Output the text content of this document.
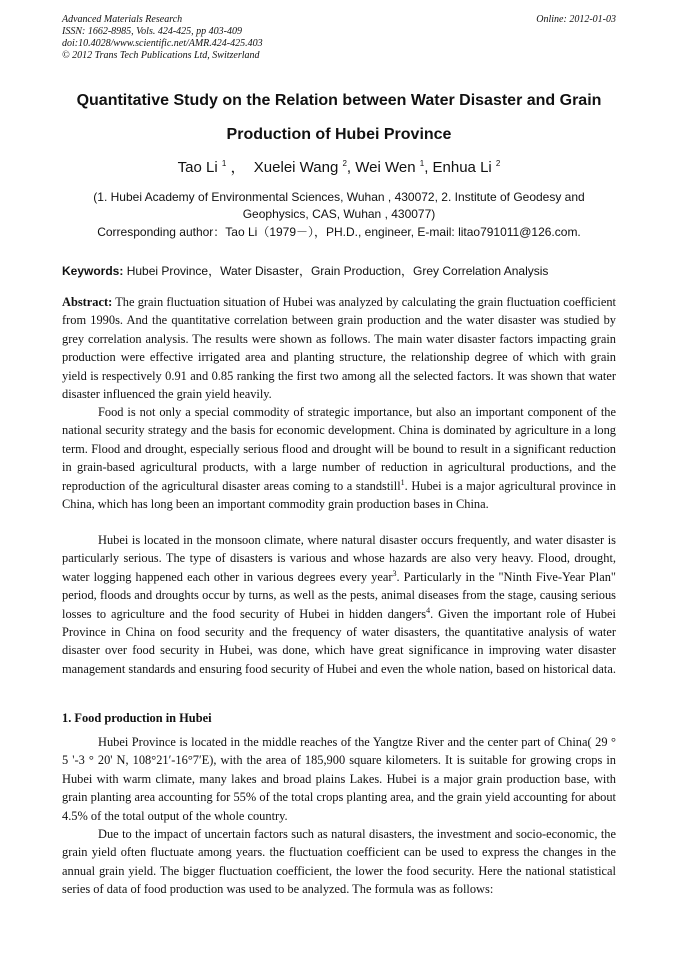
Advanced Materials Research
ISSN: 1662-8985, Vols. 424-425, pp 403-409
doi:10.4028/www.scientific.net/AMR.424-425.403
© 2012 Trans Tech Publications Ltd, Switzerland
Online: 2012-01-03
Quantitative Study on the Relation between Water Disaster and Grain
Production of Hubei Province
Tao Li $^1$ ， Xuelei Wang $^2$, Wei Wen $^1$, Enhua Li $^2$
(1. Hubei Academy of Environmental Sciences, Wuhan , 430072, 2. Institute of Geodesy and
Geophysics, CAS, Wuhan , 430077)
Corresponding author：Tao Li（1979－），PH.D., engineer, E-mail: litao791011@126.com.
Keywords: Hubei Province，Water Disaster，Grain Production，Grey Correlation Analysis

Abstract: The grain fluctuation situation of Hubei was analyzed by calculating the grain fluctuation coefficient from 1990s. And the quantitative correlation between grain production and the water disaster was studied by grey correlation analysis. The results were shown as follows. The main water disaster factors impacting grain production were effective irrigated area and planting structure, the relationship degree of which with grain yield is respectively 0.91 and 0.85 ranking the first two among all the selected factors. It was shown that water disaster influenced the grain yield heavily.

Food is not only a special commodity of strategic importance, but also an important component of the national security strategy and the basis for economic development. China is dominated by agriculture in a long term. Flood and drought, especially serious flood and drought will be bound to result in a significant reduction in grain-based agricultural products, with a large number of reduction in agricultural productions, and the reproduction of the agricultural disaster areas coming to a standstill$^1$. Hubei is a major agricultural province in China, which has long been an important commodity grain production bases in China.

Hubei is located in the monsoon climate, where natural disaster occurs frequently, and water disaster is particularly serious. The type of disasters is various and whose hazards are also very heavy. Flood, drought, water logging happened each other in various degrees every year$^3$. Particularly in the "Ninth Five-Year Plan" period, floods and droughts occur by turns, as well as the pests, animal diseases from the stage, causing serious losses to agriculture and the food security of Hubei in hidden dangers$^4$. Given the important role of Hubei Province in China on food security and the frequency of water disasters, the quantitative analysis of water disaster over food security in Hubei, was done, which have great significance in improving water disaster management standards and ensuring food security of Hubei and even the whole nation, based on historical data.

1. Food production in Hubei

Hubei Province is located in the middle reaches of the Yangtze River and the center part of China( 29 ° 5 '-3 ° 20' N, 108°21′-16°7′E), with the area of 185,900 square kilometers. It is suitable for growing crops in Hubei with warm climate, many lakes and broad plains Lakes. Hubei is a major grain production base, with grain planting area accounting for 55% of the total crops planting area, and the grain yield accounting for about 4.5% of the total output of the whole country.

Due to the impact of uncertain factors such as natural disasters, the investment and socio-economic, the grain yield often fluctuate among years. the fluctuation coefficient can be used to express the changes in the annual grain yield. The bigger fluctuation coefficient, the lower the food security. Here the national statistical series of data of food production was used to be analyzed. The formula was as follows:
